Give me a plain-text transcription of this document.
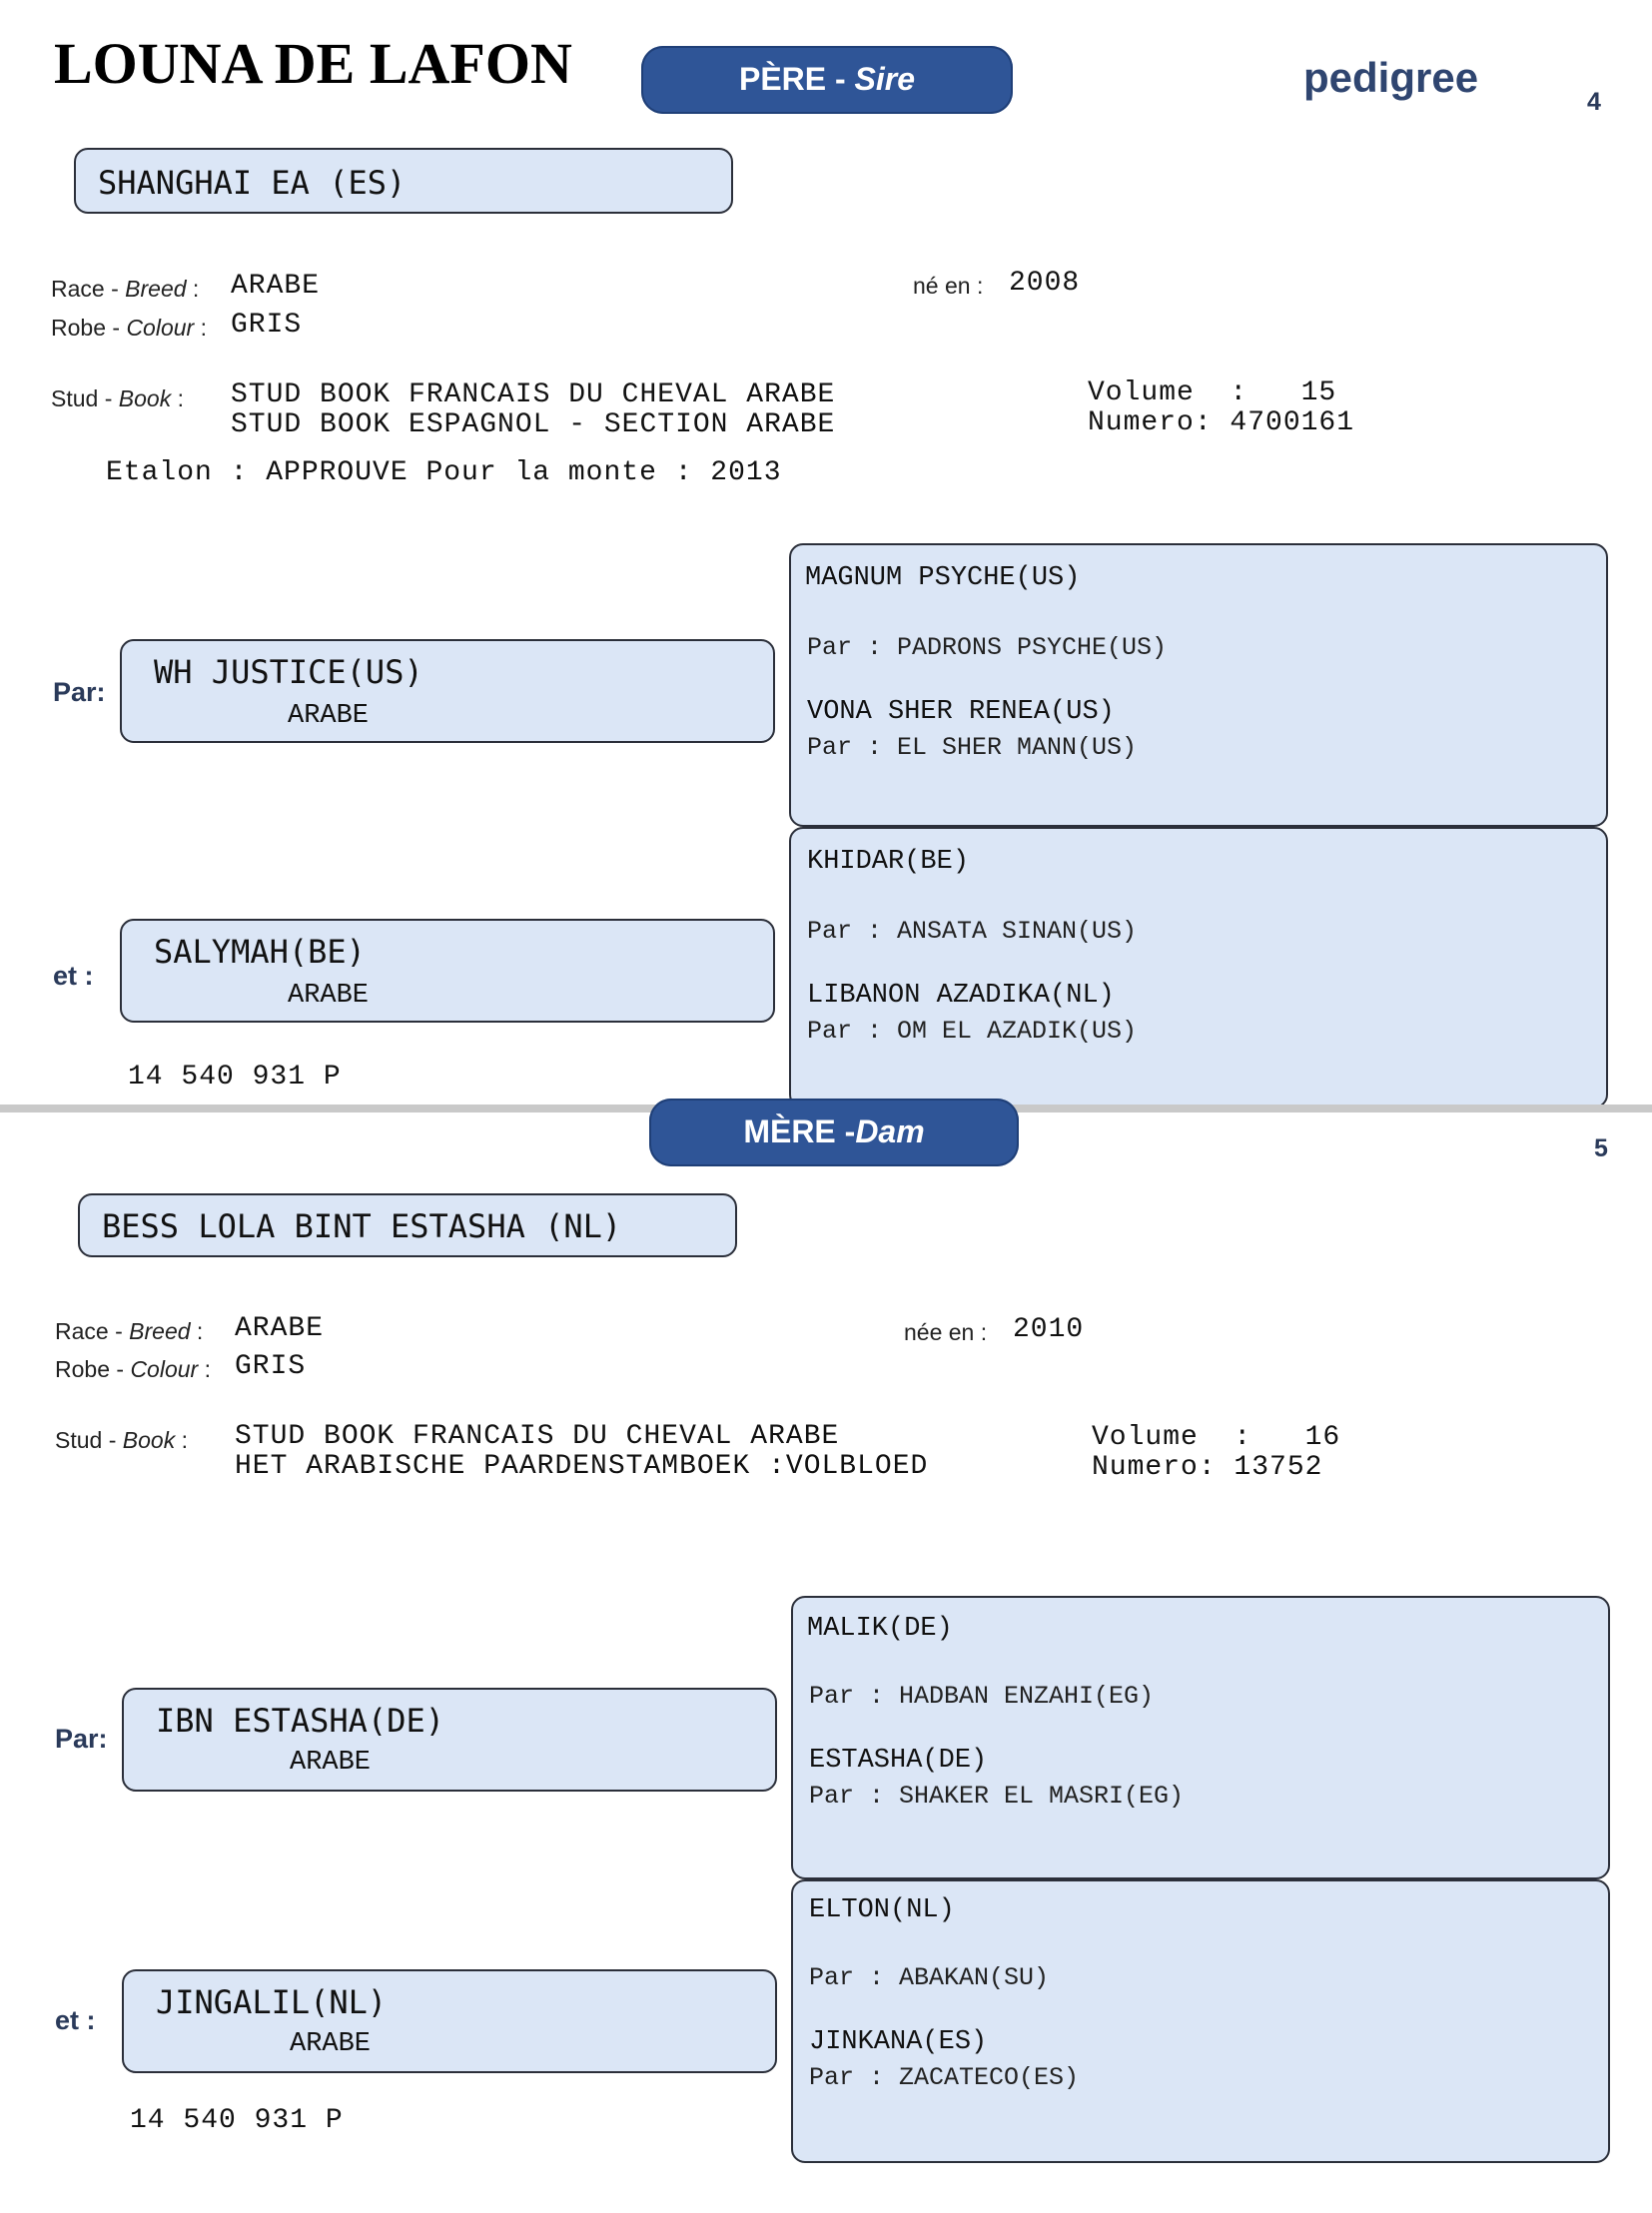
LOUNA DE LAFON	PÈRE - Sire	pedigree
4
SHANGHAI EA (ES)
Race - Breed : ARABE
Robe - Colour : GRIS
né en : 2008
Stud - Book : STUD BOOK FRANCAIS DU CHEVAL ARABE
STUD BOOK ESPAGNOL - SECTION ARABE
Volume  :   15
Numero: 4700161
Etalon : APPROUVE Pour la monte : 2013
Par:
WH JUSTICE(US)
ARABE
et :
SALYMAH(BE)
ARABE
MAGNUM PSYCHE(US)
Par : PADRONS PSYCHE(US)
VONA SHER RENEA(US)
Par : EL SHER MANN(US)
KHIDAR(BE)
Par : ANSATA SINAN(US)
LIBANON AZADIKA(NL)
Par : OM EL AZADIK(US)
14 540 931 P
MÈRE -Dam	5
BESS LOLA BINT ESTASHA (NL)
Race - Breed : ARABE
Robe - Colour : GRIS
née en : 2010
Stud - Book : STUD BOOK FRANCAIS DU CHEVAL ARABE
HET ARABISCHE PAARDENSTAMBOEK :VOLBLOED
Volume  :   16
Numero: 13752
Par: IBN ESTASHA(DE)
ARABE
et : JINGALIL(NL)
ARABE
MALIK(DE)
Par : HADBAN ENZAHI(EG)
ESTASHA(DE)
Par : SHAKER EL MASRI(EG)
ELTON(NL)
Par : ABAKAN(SU)
JINKANA(ES)
Par : ZACATECO(ES)
14 540 931 P
